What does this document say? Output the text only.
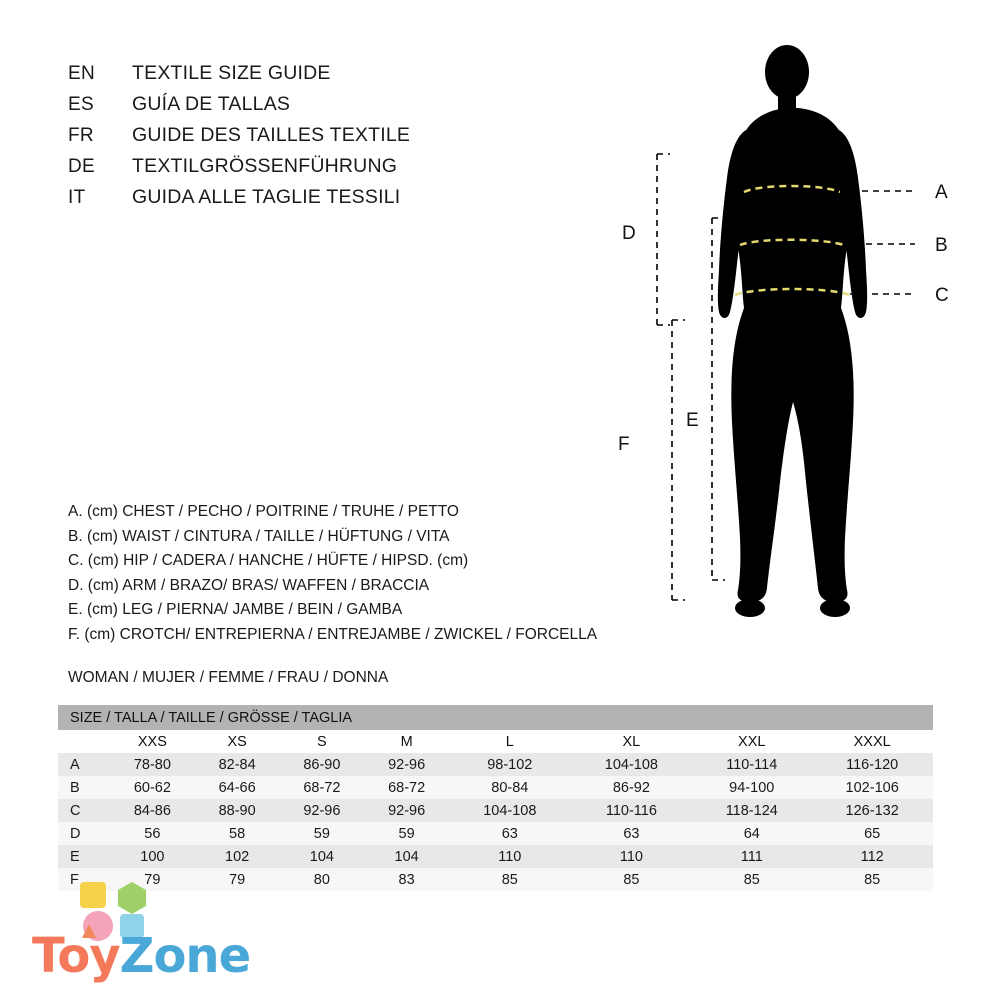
EN	TEXTILE SIZE GUIDE
ES	GUÍA DE TALLAS
FR	GUIDE DES TAILLES TEXTILE
DE	TEXTILGRÖSSENFÜHRUNG
IT	GUIDA ALLE TAGLIE TESSILI
A. (cm) CHEST / PECHO / POITRINE / TRUHE / PETTO
B. (cm) WAIST / CINTURA / TAILLE / HÜFTUNG / VITA
C. (cm) HIP / CADERA / HANCHE / HÜFTE / HIPSD. (cm)
D. (cm) ARM / BRAZO/ BRAS/ WAFFEN / BRACCIA
E. (cm) LEG / PIERNA/ JAMBE / BEIN / GAMBA
F. (cm) CROTCH/ ENTREPIERNA / ENTREJAMBE / ZWICKEL / FORCELLA
WOMAN / MUJER / FEMME / FRAU / DONNA
A
B
C
D
E
F
SIZE / TALLA / TAILLE / GRÖSSE / TAGLIA								
	XXS	XS	S	M	L	XL	XXL	XXXL
A	78-80	82-84	86-90	92-96	98-102	104-108	110-114	116-120
B	60-62	64-66	68-72	68-72	80-84	86-92	94-100	102-106
C	84-86	88-90	92-96	92-96	104-108	110-116	118-124	126-132
D	56	58	59	59	63	63	64	65
E	100	102	104	104	110	110	111	112
F	79	79	80	83	85	85	85	85
ToyZone
